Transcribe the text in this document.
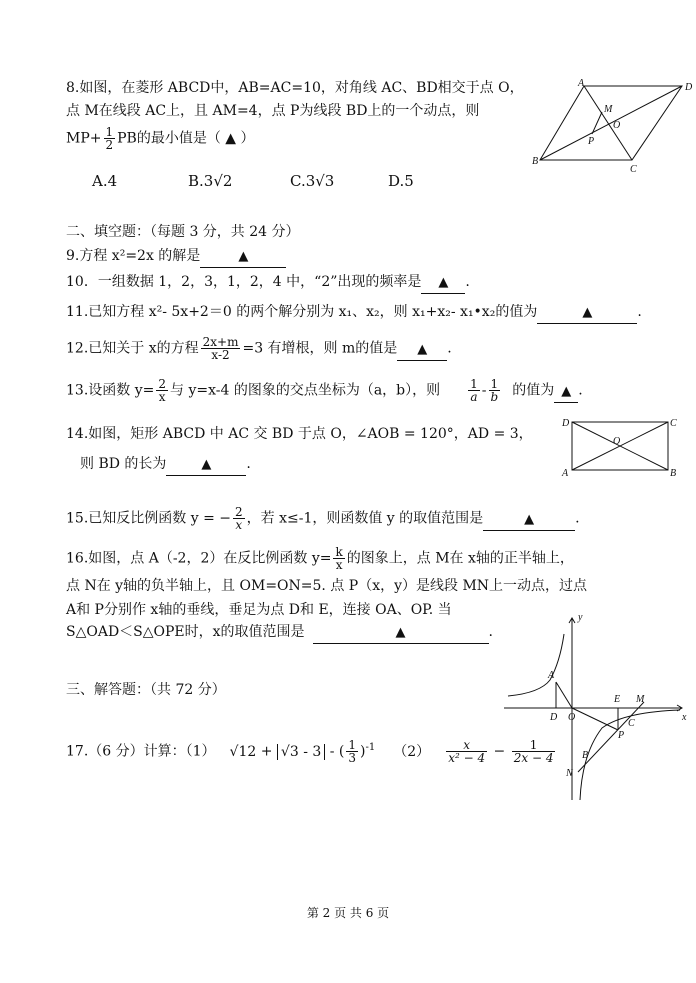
8.如图，在菱形 ABCD中，AB=AC=10，对角线 AC、BD相交于点 O，
点 M在线段 AC上，且 AM=4，点 P为线段 BD上的一个动点，则
$MP+ \frac{1}{2}$ PB的最小值是（ ▲ ）
A.4	B.3√2	C.3√3	D.5
A	D
M
O
P
B
C
二、填空题：（每题 3 分，共 24 分）
9.方程 x²=2x 的解是	▲
10．一组数据 1，2，3，1，2，4 中，“2”出现的频率是 ▲ .
11.已知方程 x²- 5x+2＝0 的两个解分别为 x₁、x₂，则 x₁+x₂- x₁•x₂的值为	▲	.
12.已知关于 x的方程 $\frac{2x+m}{x-2} =3$ 有增根，则 m的值是 ▲ .
13.设函数 $y= \frac{2}{x}$ 与 y=x-4 的图象的交点坐标为（a，b），则 $\frac{1}{a} - \frac{1}{b}$ 的值为 ▲ .
14.如图，矩形 ABCD 中 AC 交 BD 于点 O，∠AOB = 120°，AD = 3，
则 BD 的长为	▲	.
D	C
O
A	B
15.已知反比例函数 y = − $\frac{2}{x}$ ，若 x≤-1，则函数值 y 的取值范围是	▲	.
16.如图，点 A（-2，2）在反比例函数 $y= \frac{k}{x}$ 的图象上，点 M在 x轴的正半轴上，
点 N在 y轴的负半轴上，且 OM=ON=5. 点 P（x，y）是线段 MN上一动点，过点
A和 P分别作 x轴的垂线，垂足为点 D和 E，连接 OA、OP. 当
S△OAD＜S△OPE时，x的取值范围是	▲	.
y
A
E M
D O	x
C
P
B
N
三、解答题：（共 72 分）
17.（6 分）计算：（1） √12 + √3 - 3 - ( $\frac{1}{3} )^{-1}$ $(2) \frac{x}{\text{x² − 4}} - \frac{1}{2x - 4}$
第 2 页 共 6 页
